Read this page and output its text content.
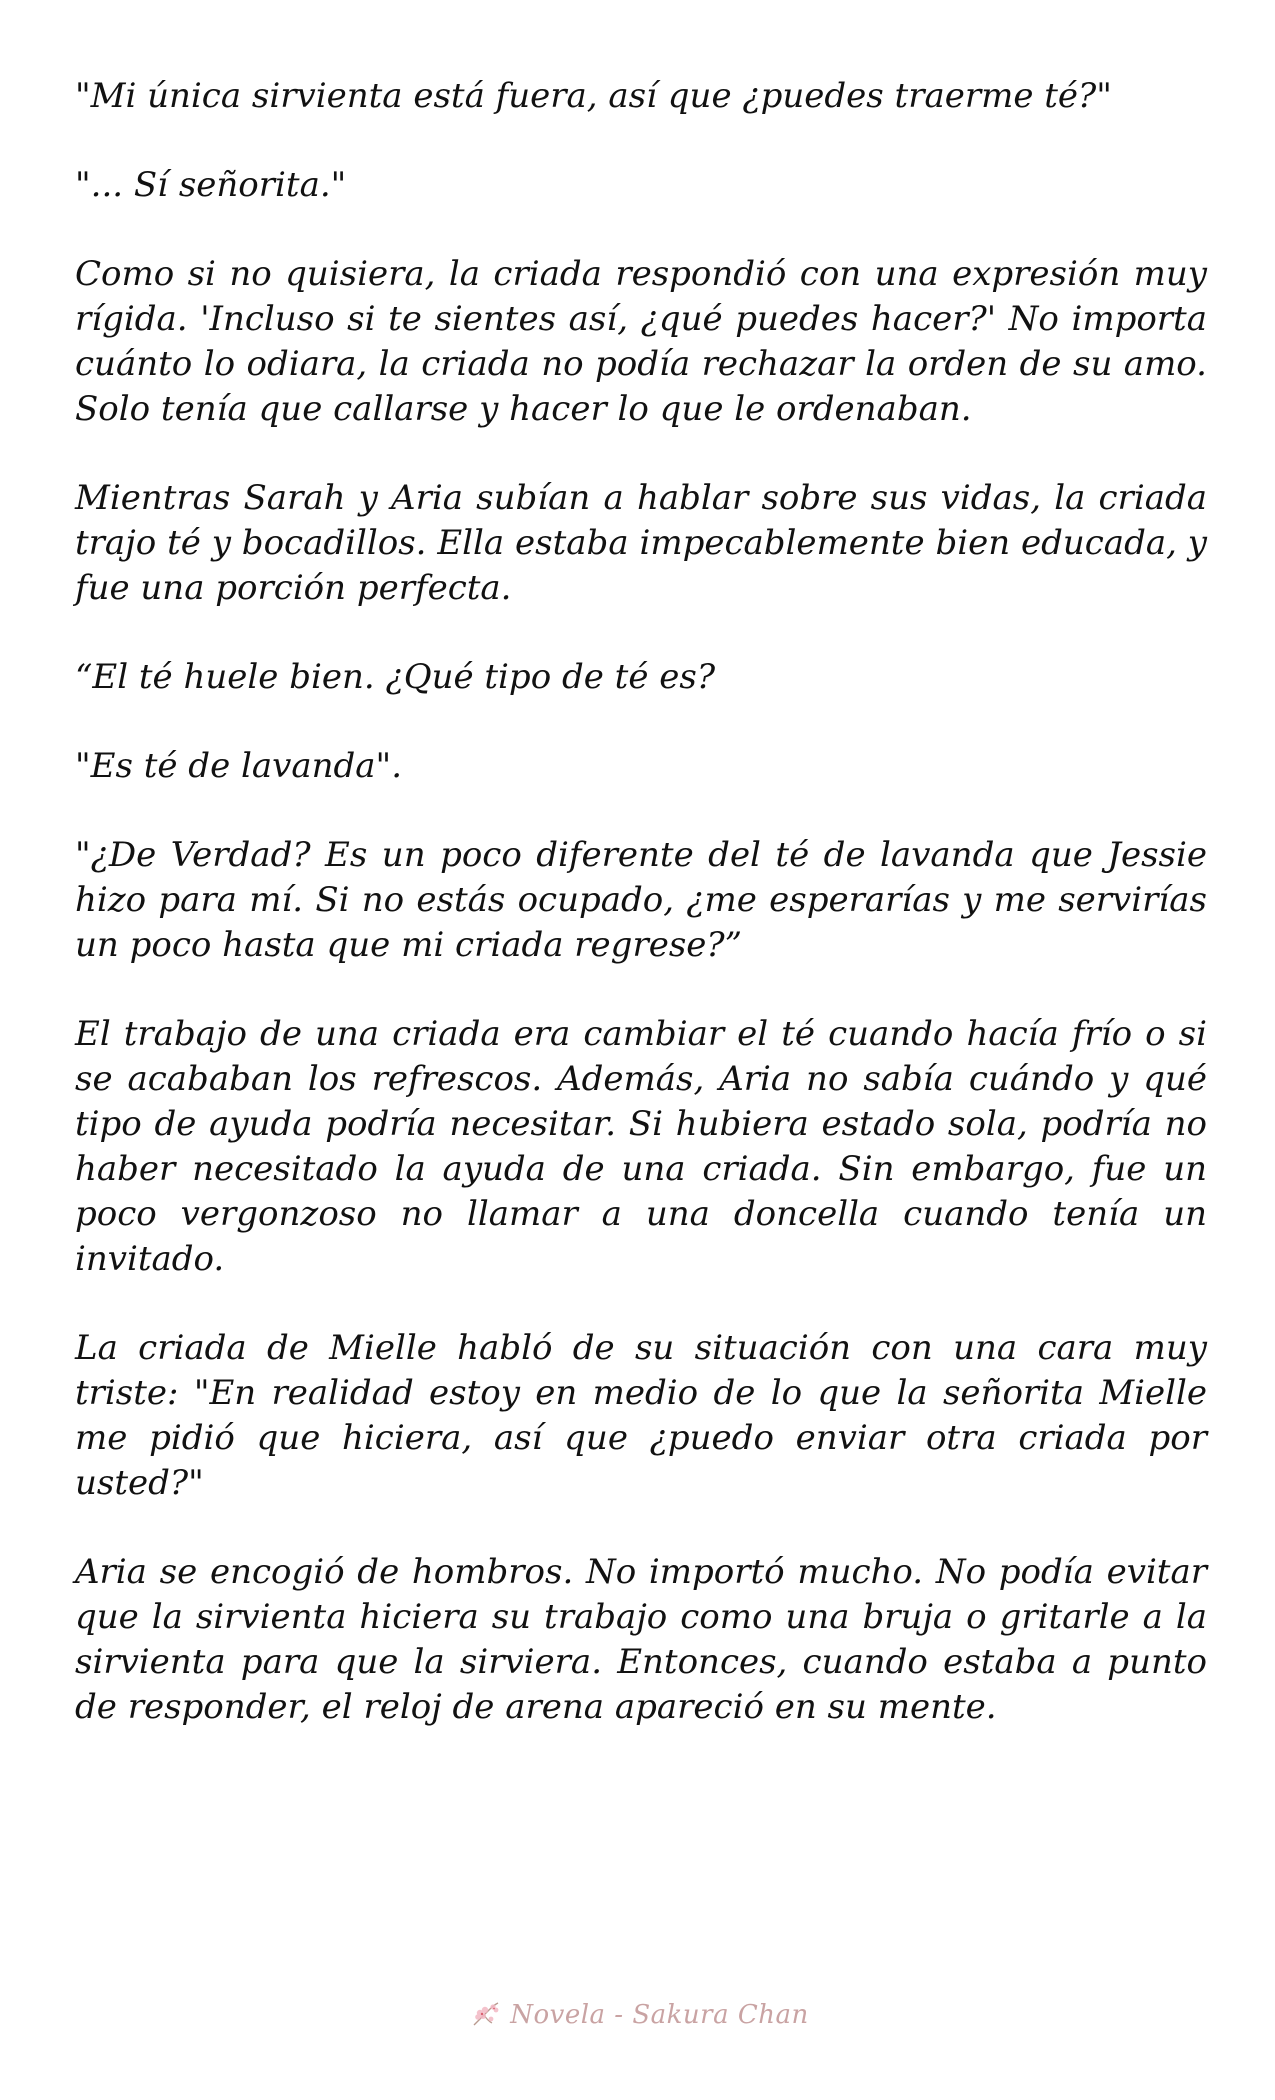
"Mi única sirvienta está fuera, así que ¿puedes traerme té?"

"... Sí señorita."

Como si no quisiera, la criada respondió con una expresión muy rígida. 'Incluso si te sientes así, ¿qué puedes hacer?' No importa cuánto lo odiara, la criada no podía rechazar la orden de su amo. Solo tenía que callarse y hacer lo que le ordenaban.

Mientras Sarah y Aria subían a hablar sobre sus vidas, la criada trajo té y bocadillos. Ella estaba impecablemente bien educada, y fue una porción perfecta.

“El té huele bien. ¿Qué tipo de té es?

"Es té de lavanda".

"¿De Verdad? Es un poco diferente del té de lavanda que Jessie hizo para mí. Si no estás ocupado, ¿me esperarías y me servirías un poco hasta que mi criada regrese?”

El trabajo de una criada era cambiar el té cuando hacía frío o si se acababan los refrescos. Además, Aria no sabía cuándo y qué tipo de ayuda podría necesitar. Si hubiera estado sola, podría no haber necesitado la ayuda de una criada. Sin embargo, fue un poco vergonzoso no llamar a una doncella cuando tenía un invitado.

La criada de Mielle habló de su situación con una cara muy triste: "En realidad estoy en medio de lo que la señorita Mielle me pidió que hiciera, así que ¿puedo enviar otra criada por usted?"

Aria se encogió de hombros. No importó mucho. No podía evitar que la sirvienta hiciera su trabajo como una bruja o gritarle a la sirvienta para que la sirviera. Entonces, cuando estaba a punto de responder, el reloj de arena apareció en su mente.

Novela - Sakura Chan
